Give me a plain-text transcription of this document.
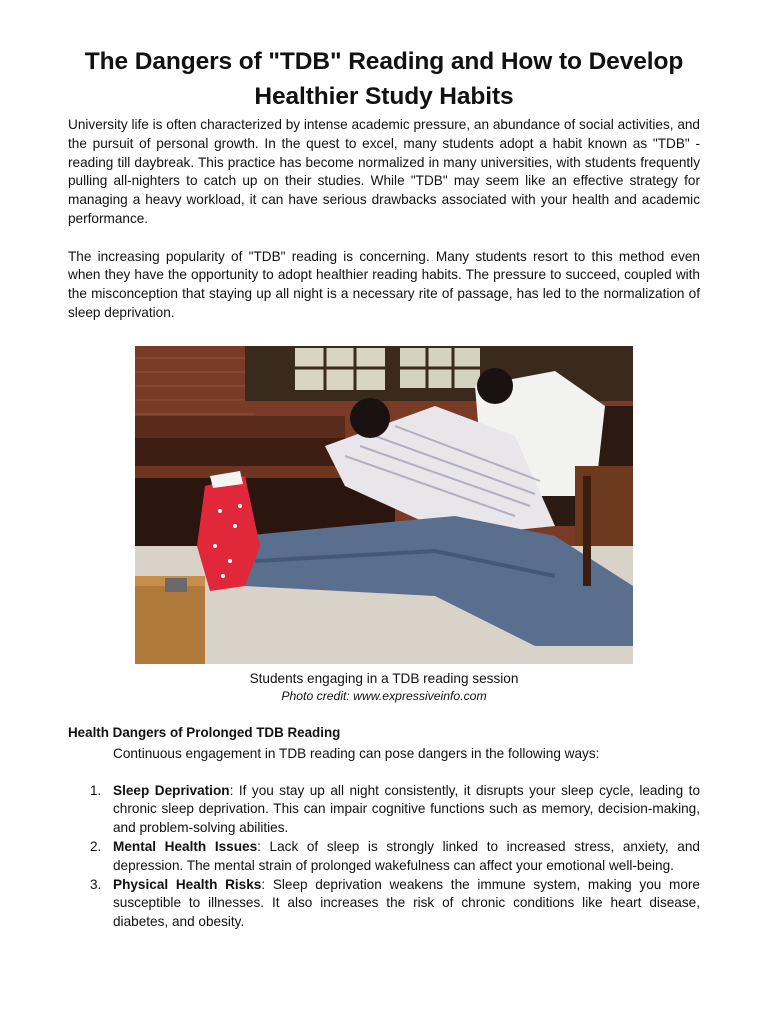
The Dangers of "TDB" Reading and How to Develop Healthier Study Habits

University life is often characterized by intense academic pressure, an abundance of social activities, and the pursuit of personal growth. In the quest to excel, many students adopt a habit known as "TDB" - reading till daybreak. This practice has become normalized in many universities, with students frequently pulling all-nighters to catch up on their studies. While "TDB" may seem like an effective strategy for managing a heavy workload, it can have serious drawbacks associated with your health and academic performance.

The increasing popularity of "TDB" reading is concerning. Many students resort to this method even when they have the opportunity to adopt healthier reading habits. The pressure to succeed, coupled with the misconception that staying up all night is a necessary rite of passage, has led to the normalization of sleep deprivation.

Students engaging in a TDB reading session
Photo credit: www.expressiveinfo.com
Health Dangers of Prolonged TDB Reading
Continuous engagement in TDB reading can pose dangers in the following ways:
1. Sleep Deprivation: If you stay up all night consistently, it disrupts your sleep cycle, leading to chronic sleep deprivation. This can impair cognitive functions such as memory, decision-making, and problem-solving abilities.
2. Mental Health Issues: Lack of sleep is strongly linked to increased stress, anxiety, and depression. The mental strain of prolonged wakefulness can affect your emotional well-being.
3. Physical Health Risks: Sleep deprivation weakens the immune system, making you more susceptible to illnesses. It also increases the risk of chronic conditions like heart disease, diabetes, and obesity.
